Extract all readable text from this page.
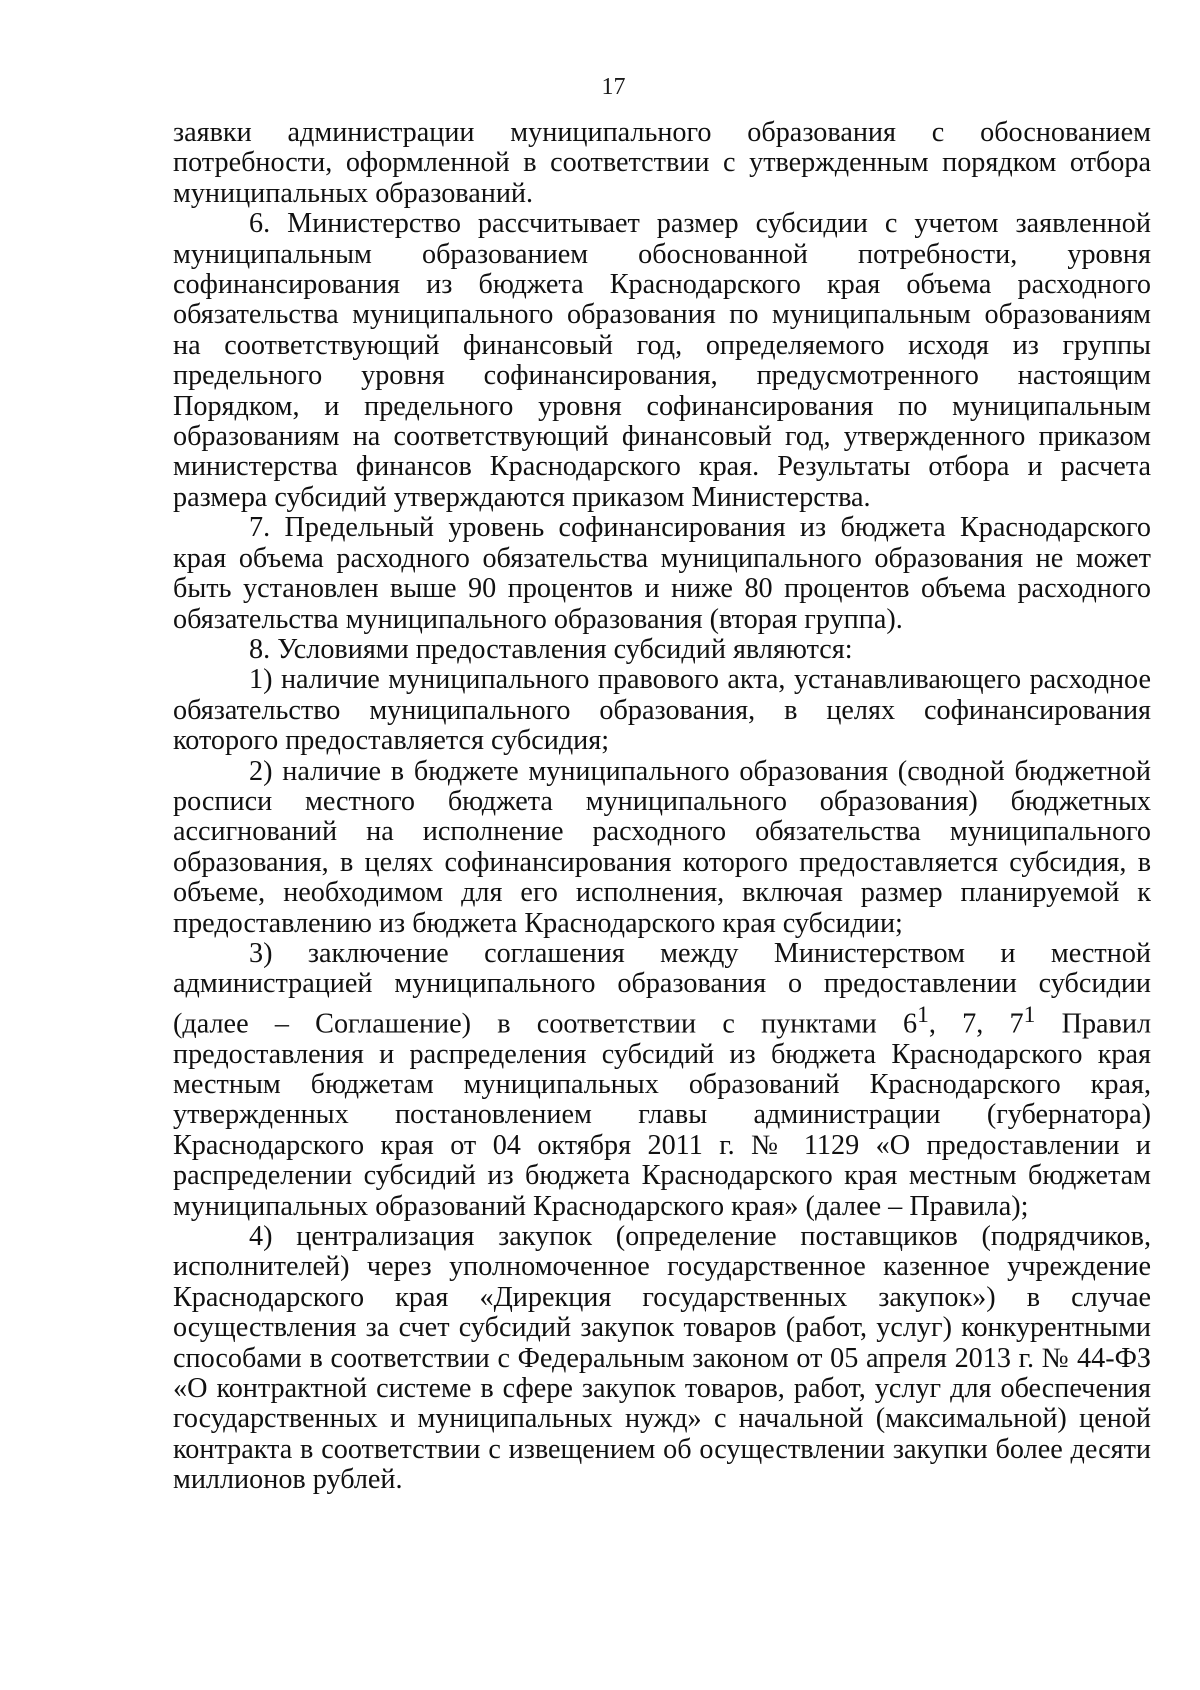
17

заявки администрации муниципального образования с обоснованием потребности, оформленной в соответствии с утвержденным порядком отбора муниципальных образований.

6. Министерство рассчитывает размер субсидии с учетом заявленной муниципальным образованием обоснованной потребности, уровня софинансирования из бюджета Краснодарского края объема расходного обязательства муниципального образования по муниципальным образованиям на соответствующий финансовый год, определяемого исходя из группы предельного уровня софинансирования, предусмотренного настоящим Порядком, и предельного уровня софинансирования по муниципальным образованиям на соответствующий финансовый год, утвержденного приказом министерства финансов Краснодарского края. Результаты отбора и расчета размера субсидий утверждаются приказом Министерства.

7. Предельный уровень софинансирования из бюджета Краснодарского края объема расходного обязательства муниципального образования не может быть установлен выше 90 процентов и ниже 80 процентов объема расходного обязательства муниципального образования (вторая группа).

8. Условиями предоставления субсидий являются:

1) наличие муниципального правового акта, устанавливающего расходное обязательство муниципального образования, в целях софинансирования которого предоставляется субсидия;

2) наличие в бюджете муниципального образования (сводной бюджетной росписи местного бюджета муниципального образования) бюджетных ассигнований на исполнение расходного обязательства муниципального образования, в целях софинансирования которого предоставляется субсидия, в объеме, необходимом для его исполнения, включая размер планируемой к предоставлению из бюджета Краснодарского края субсидии;

3) заключение соглашения между Министерством и местной администрацией муниципального образования о предоставлении субсидии (далее – Соглашение) в соответствии с пунктами $6^1$, 7, $7^1$ Правил предоставления и распределения субсидий из бюджета Краснодарского края местным бюджетам муниципальных образований Краснодарского края, утвержденных постановлением главы администрации (губернатора) Краснодарского края от 04 октября 2011 г. № 1129 «О предоставлении и распределении субсидий из бюджета Краснодарского края местным бюджетам муниципальных образований Краснодарского края» (далее – Правила);

4) централизация закупок (определение поставщиков (подрядчиков, исполнителей) через уполномоченное государственное казенное учреждение Краснодарского края «Дирекция государственных закупок») в случае осуществления за счет субсидий закупок товаров (работ, услуг) конкурентными способами в соответствии с Федеральным законом от 05 апреля 2013 г. № 44-ФЗ «О контрактной системе в сфере закупок товаров, работ, услуг для обеспечения государственных и муниципальных нужд» с начальной (максимальной) ценой контракта в соответствии с извещением об осуществлении закупки более десяти миллионов рублей.
